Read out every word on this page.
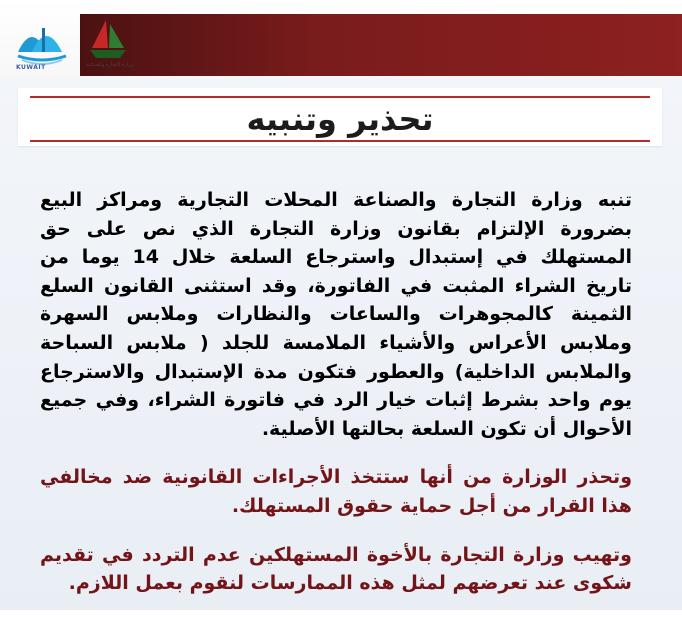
KUWAIT	وزارة التجارة والصناعة
تحذير وتنبيه

تنبه وزارة التجارة والصناعة المحلات التجارية ومراكز البيع بضرورة الإلتزام بقانون وزارة التجارة الذي نص على حق المستهلك في إستبدال واسترجاع السلعة خلال 14 يوما من تاريخ الشراء المثبت في الفاتورة، وقد استثنى القانون السلع الثمينة كالمجوهرات والساعات والنظارات وملابس السهرة وملابس الأعراس والأشياء الملامسة للجلد ( ملابس السباحة والملابس الداخلية) والعطور فتكون مدة الإستبدال والاسترجاع يوم واحد بشرط إثبات خيار الرد في فاتورة الشراء، وفي جميع الأحوال أن تكون السلعة بحالتها الأصلية.

وتحذر الوزارة من أنها ستتخذ الأجراءات القانونية ضد مخالفي هذا القرار من أجل حماية حقوق المستهلك.

وتهيب وزارة التجارة بالأخوة المستهلكين عدم التردد في تقديم شكوى عند تعرضهم لمثل هذه الممارسات لنقوم بعمل اللازم.
